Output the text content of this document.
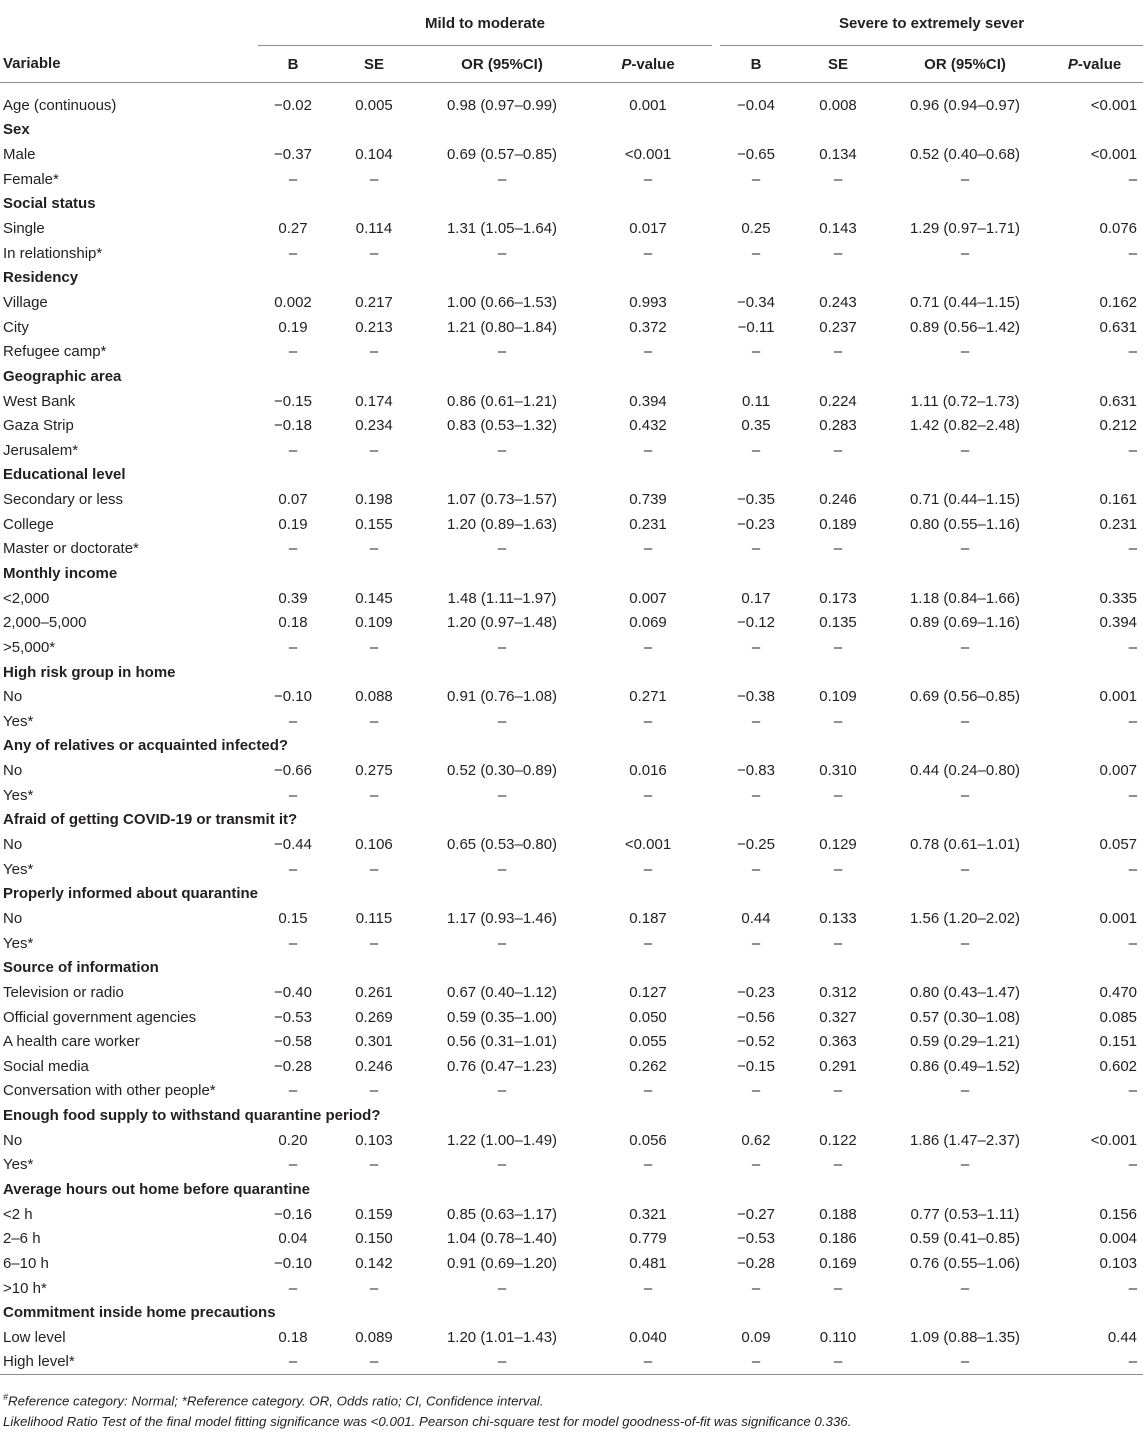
	Mild to moderate					Severe to extremely sever			
Variable	B	SE	OR (95%CI)	P-value		B	SE	OR (95%CI)	P-value

Age (continuous)	−0.02	0.005	0.98 (0.97–0.99)	0.001		−0.04	0.008	0.96 (0.94–0.97)	<0.001
Sex									
Male	−0.37	0.104	0.69 (0.57–0.85)	<0.001		−0.65	0.134	0.52 (0.40–0.68)	<0.001
Female*	–	–	–	–		–	–	–	–
Social status									
Single	0.27	0.114	1.31 (1.05–1.64)	0.017		0.25	0.143	1.29 (0.97–1.71)	0.076
In relationship*	–	–	–	–		–	–	–	–
Residency									
Village	0.002	0.217	1.00 (0.66–1.53)	0.993		−0.34	0.243	0.71 (0.44–1.15)	0.162
City	0.19	0.213	1.21 (0.80–1.84)	0.372		−0.11	0.237	0.89 (0.56–1.42)	0.631
Refugee camp*	–	–	–	–		–	–	–	–
Geographic area									
West Bank	−0.15	0.174	0.86 (0.61–1.21)	0.394		0.11	0.224	1.11 (0.72–1.73)	0.631
Gaza Strip	−0.18	0.234	0.83 (0.53–1.32)	0.432		0.35	0.283	1.42 (0.82–2.48)	0.212
Jerusalem*	–	–	–	–		–	–	–	–
Educational level									
Secondary or less	0.07	0.198	1.07 (0.73–1.57)	0.739		−0.35	0.246	0.71 (0.44–1.15)	0.161
College	0.19	0.155	1.20 (0.89–1.63)	0.231		−0.23	0.189	0.80 (0.55–1.16)	0.231
Master or doctorate*	–	–	–	–		–	–	–	–
Monthly income									
<2,000	0.39	0.145	1.48 (1.11–1.97)	0.007		0.17	0.173	1.18 (0.84–1.66)	0.335
2,000–5,000	0.18	0.109	1.20 (0.97–1.48)	0.069		−0.12	0.135	0.89 (0.69–1.16)	0.394
>5,000*	–	–	–	–		–	–	–	–
High risk group in home									
No	−0.10	0.088	0.91 (0.76–1.08)	0.271		−0.38	0.109	0.69 (0.56–0.85)	0.001
Yes*	–	–	–	–		–	–	–	–
Any of relatives or acquainted infected?									
No	−0.66	0.275	0.52 (0.30–0.89)	0.016		−0.83	0.310	0.44 (0.24–0.80)	0.007
Yes*	–	–	–	–		–	–	–	–
Afraid of getting COVID-19 or transmit it?									
No	−0.44	0.106	0.65 (0.53–0.80)	<0.001		−0.25	0.129	0.78 (0.61–1.01)	0.057
Yes*	–	–	–	–		–	–	–	–
Properly informed about quarantine									
No	0.15	0.115	1.17 (0.93–1.46)	0.187		0.44	0.133	1.56 (1.20–2.02)	0.001
Yes*	–	–	–	–		–	–	–	–
Source of information									
Television or radio	−0.40	0.261	0.67 (0.40–1.12)	0.127		−0.23	0.312	0.80 (0.43–1.47)	0.470
Official government agencies	−0.53	0.269	0.59 (0.35–1.00)	0.050		−0.56	0.327	0.57 (0.30–1.08)	0.085
A health care worker	−0.58	0.301	0.56 (0.31–1.01)	0.055		−0.52	0.363	0.59 (0.29–1.21)	0.151
Social media	−0.28	0.246	0.76 (0.47–1.23)	0.262		−0.15	0.291	0.86 (0.49–1.52)	0.602
Conversation with other people*	–	–	–	–		–	–	–	–
Enough food supply to withstand quarantine period?									
No	0.20	0.103	1.22 (1.00–1.49)	0.056		0.62	0.122	1.86 (1.47–2.37)	<0.001
Yes*	–	–	–	–		–	–	–	–
Average hours out home before quarantine									
<2 h	−0.16	0.159	0.85 (0.63–1.17)	0.321		−0.27	0.188	0.77 (0.53–1.11)	0.156
2–6 h	0.04	0.150	1.04 (0.78–1.40)	0.779		−0.53	0.186	0.59 (0.41–0.85)	0.004
6–10 h	−0.10	0.142	0.91 (0.69–1.20)	0.481		−0.28	0.169	0.76 (0.55–1.06)	0.103
>10 h*	–	–	–	–		–	–	–	–
Commitment inside home precautions									
Low level	0.18	0.089	1.20 (1.01–1.43)	0.040		0.09	0.110	1.09 (0.88–1.35)	0.44
High level*	–	–	–	–		–	–	–	–
#Reference category: Normal; *Reference category. OR, Odds ratio; CI, Confidence interval.
Likelihood Ratio Test of the final model fitting significance was <0.001. Pearson chi-square test for model goodness-of-fit was significance 0.336.
